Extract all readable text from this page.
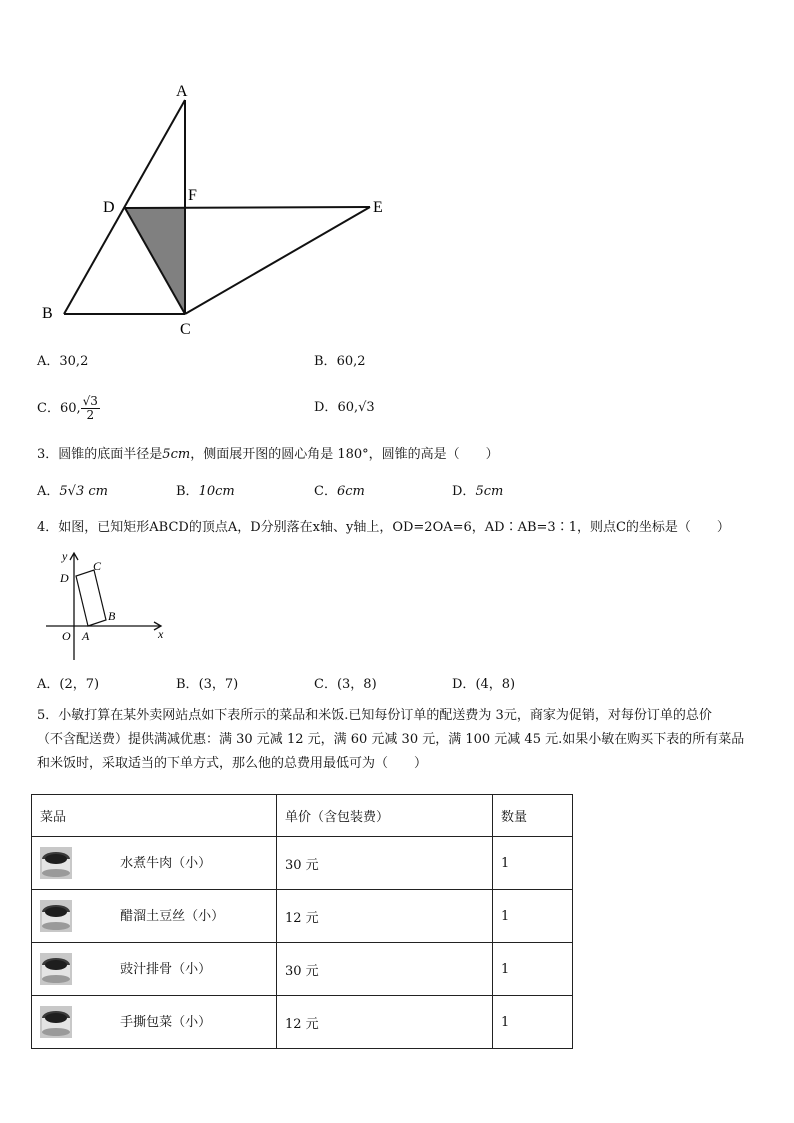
A
B
C
D	E
F
A．30,2	B．60,2
C．60, $\frac{√3}{2}$	D．60,√3
3．圆锥的底面半径是5cm，侧面展开图的圆心角是 180°，圆锥的高是（　　）
A．5√3 cm	B．10cm	C．6cm	D．5cm
4．如图，已知矩形ABCD的顶点A，D分别落在x轴、y轴上，OD=2OA=6，AD∶AB=3∶1，则点C的坐标是（　　）
y
x
O A
B
C
D
A．(2，7)	B．(3，7)	C．(3，8)	D．(4，8)
5．小敏打算在某外卖网站点如下表所示的菜品和米饭.已知每份订单的配送费为 3元，商家为促销，对每份订单的总价
（不含配送费）提供满减优惠：满 30 元减 12 元，满 60 元减 30 元，满 100 元减 45 元.如果小敏在购买下表的所有菜品
和米饭时，采取适当的下单方式，那么他的总费用最低可为（　　）
菜品	单价（含包装费）	数量
水煮牛肉（小）	30 元	1
醋溜土豆丝（小）	12 元	1
豉汁排骨（小）	30 元	1
手撕包菜（小）	12 元	1
